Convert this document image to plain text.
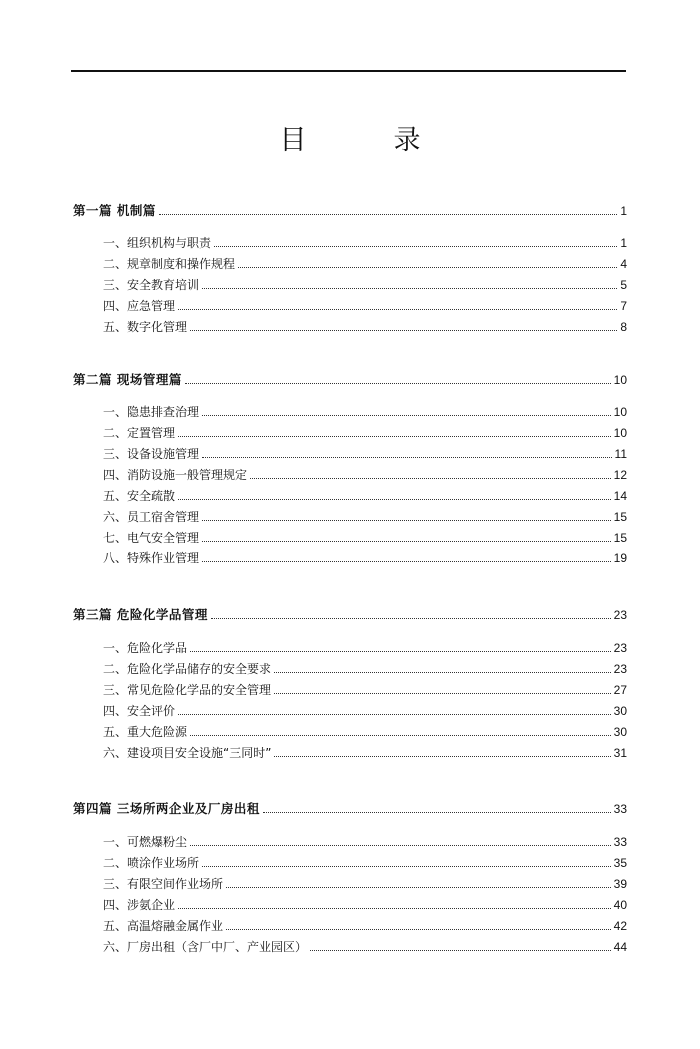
目　录
第一篇 机制篇	1
一、组织机构与职责	1
二、规章制度和操作规程	4
三、安全教育培训	5
四、应急管理	7
五、数字化管理	8
第二篇 现场管理篇	10
一、隐患排查治理	10
二、定置管理	10
三、设备设施管理	11
四、消防设施一般管理规定	12
五、安全疏散	14
六、员工宿舍管理	15
七、电气安全管理	15
八、特殊作业管理	19
第三篇 危险化学品管理	23
一、危险化学品	23
二、危险化学品储存的安全要求	23
三、常见危险化学品的安全管理	27
四、安全评价	30
五、重大危险源	30
六、建设项目安全设施“三同时”	31
第四篇 三场所两企业及厂房出租	33
一、可燃爆粉尘	33
二、喷涂作业场所	35
三、有限空间作业场所	39
四、涉氨企业	40
五、高温熔融金属作业	42
六、厂房出租（含厂中厂、产业园区）	44
